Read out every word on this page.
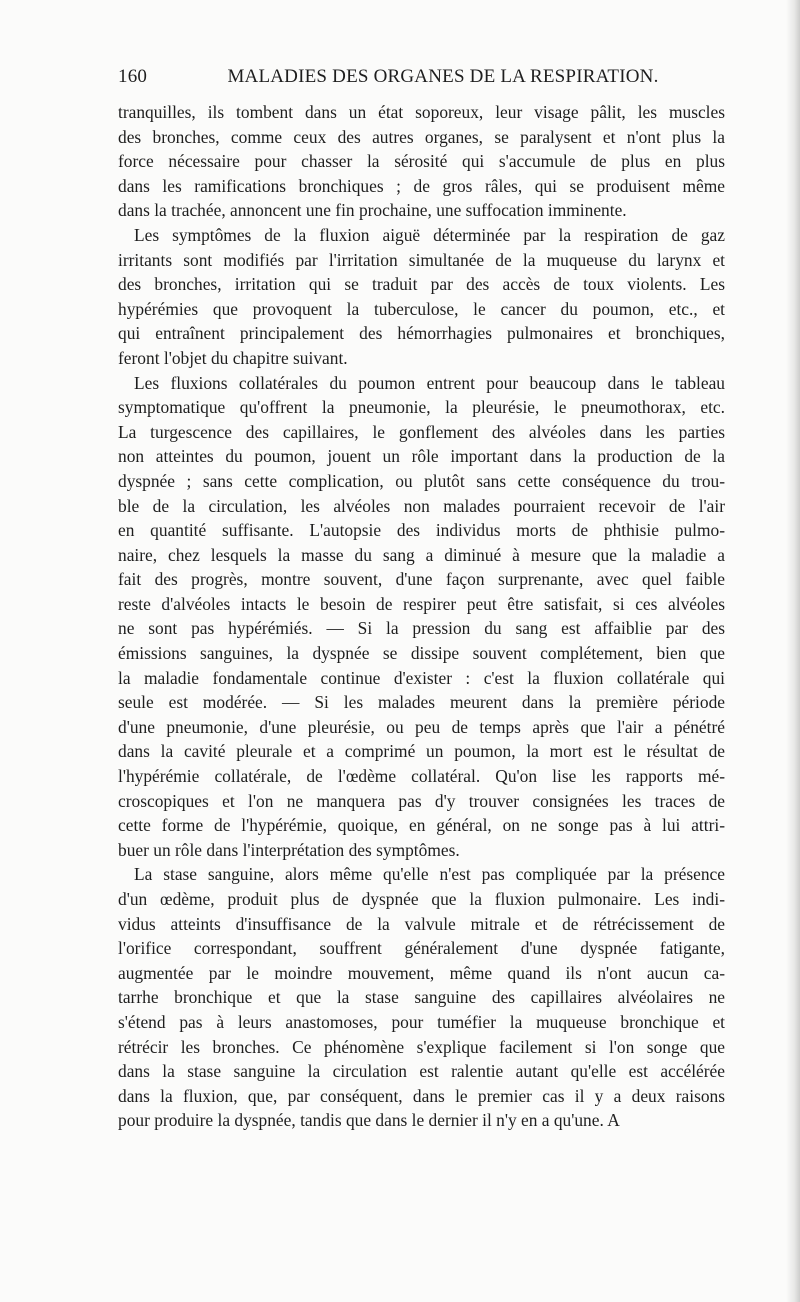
160	MALADIES DES ORGANES DE LA RESPIRATION.
tranquilles, ils tombent dans un état soporeux, leur visage pâlit, les muscles
des bronches, comme ceux des autres organes, se paralysent et n'ont plus la
force nécessaire pour chasser la sérosité qui s'accumule de plus en plus
dans les ramifications bronchiques ; de gros râles, qui se produisent même
dans la trachée, annoncent une fin prochaine, une suffocation imminente.
Les symptômes de la fluxion aiguë déterminée par la respiration de gaz
irritants sont modifiés par l'irritation simultanée de la muqueuse du larynx et
des bronches, irritation qui se traduit par des accès de toux violents. Les
hypérémies que provoquent la tuberculose, le cancer du poumon, etc., et
qui entraînent principalement des hémorrhagies pulmonaires et bronchiques,
feront l'objet du chapitre suivant.
Les fluxions collatérales du poumon entrent pour beaucoup dans le tableau
symptomatique qu'offrent la pneumonie, la pleurésie, le pneumothorax, etc.
La turgescence des capillaires, le gonflement des alvéoles dans les parties
non atteintes du poumon, jouent un rôle important dans la production de la
dyspnée ; sans cette complication, ou plutôt sans cette conséquence du trou-
ble de la circulation, les alvéoles non malades pourraient recevoir de l'air
en quantité suffisante. L'autopsie des individus morts de phthisie pulmo-
naire, chez lesquels la masse du sang a diminué à mesure que la maladie a
fait des progrès, montre souvent, d'une façon surprenante, avec quel faible
reste d'alvéoles intacts le besoin de respirer peut être satisfait, si ces alvéoles
ne sont pas hypérémiés. — Si la pression du sang est affaiblie par des
émissions sanguines, la dyspnée se dissipe souvent complétement, bien que
la maladie fondamentale continue d'exister : c'est la fluxion collatérale qui
seule est modérée. — Si les malades meurent dans la première période
d'une pneumonie, d'une pleurésie, ou peu de temps après que l'air a pénétré
dans la cavité pleurale et a comprimé un poumon, la mort est le résultat de
l'hypérémie collatérale, de l'œdème collatéral. Qu'on lise les rapports mé-
croscopiques et l'on ne manquera pas d'y trouver consignées les traces de
cette forme de l'hypérémie, quoique, en général, on ne songe pas à lui attri-
buer un rôle dans l'interprétation des symptômes.
La stase sanguine, alors même qu'elle n'est pas compliquée par la présence
d'un œdème, produit plus de dyspnée que la fluxion pulmonaire. Les indi-
vidus atteints d'insuffisance de la valvule mitrale et de rétrécissement de
l'orifice correspondant, souffrent généralement d'une dyspnée fatigante,
augmentée par le moindre mouvement, même quand ils n'ont aucun ca-
tarrhe bronchique et que la stase sanguine des capillaires alvéolaires ne
s'étend pas à leurs anastomoses, pour tuméfier la muqueuse bronchique et
rétrécir les bronches. Ce phénomène s'explique facilement si l'on songe que
dans la stase sanguine la circulation est ralentie autant qu'elle est accélérée
dans la fluxion, que, par conséquent, dans le premier cas il y a deux raisons
pour produire la dyspnée, tandis que dans le dernier il n'y en a qu'une. A
